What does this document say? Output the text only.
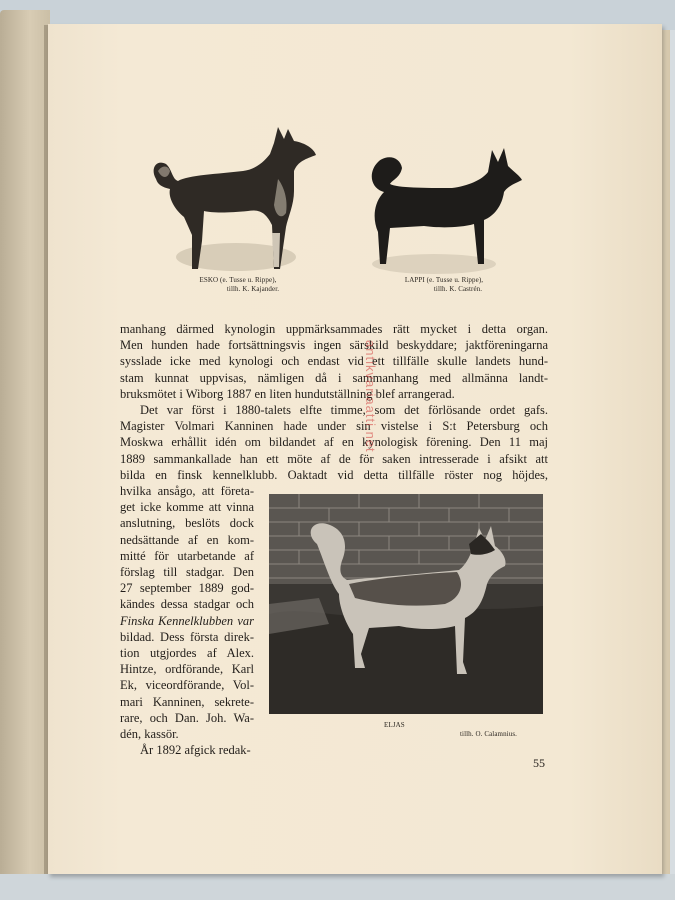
ESKO (e. Tusse u. Rippe),
tillh. K. Kajander.
LAPPI (e. Tusse u. Rippe),
tillh. K. Castrén.
manhang därmed kynologin uppmärksammades rätt mycket i detta organ.
Men hunden hade fortsättningsvis ingen särskild beskyddare; jaktföreningarna
sysslade icke med kynologi och endast vid ett tillfälle skulle landets hund-
stam kunnat uppvisas, nämligen då i sammanhang med allmänna landt-
bruksmötet i Wiborg 1887 en liten hundutställning blef arrangerad.
Det var först i 1880-talets elfte timme, som det förlösande ordet gafs.
Magister Volmari Kanninen hade under sin vistelse i S:t Petersburg och
Moskwa erhållit idén om bildandet af en kynologisk förening. Den 11 maj
1889 sammankallade han ett möte af de för saken intresserade i afsikt att
bilda en finsk kennelklubb. Oaktadt vid detta tillfälle röster nog höjdes,
hvilka ansågo, att företa-
get icke komme att vinna
anslutning, beslöts dock
nedsättande af en kom-
mitté för utarbetande af
förslag till stadgar. Den
27 september 1889 god-
kändes dessa stadgar och
Finska Kennelklubben var
bildad. Dess första direk-
tion utgjordes af Alex.
Hintze, ordförande, Karl
Ek, viceordförande, Vol-
mari Kanninen, sekrete-
rare, och Dan. Joh. Wa-
dén, kassör.
År 1892 afgick redak-
ELJAS
tillh. O. Calamnius.
55
antikvariaatti.net
